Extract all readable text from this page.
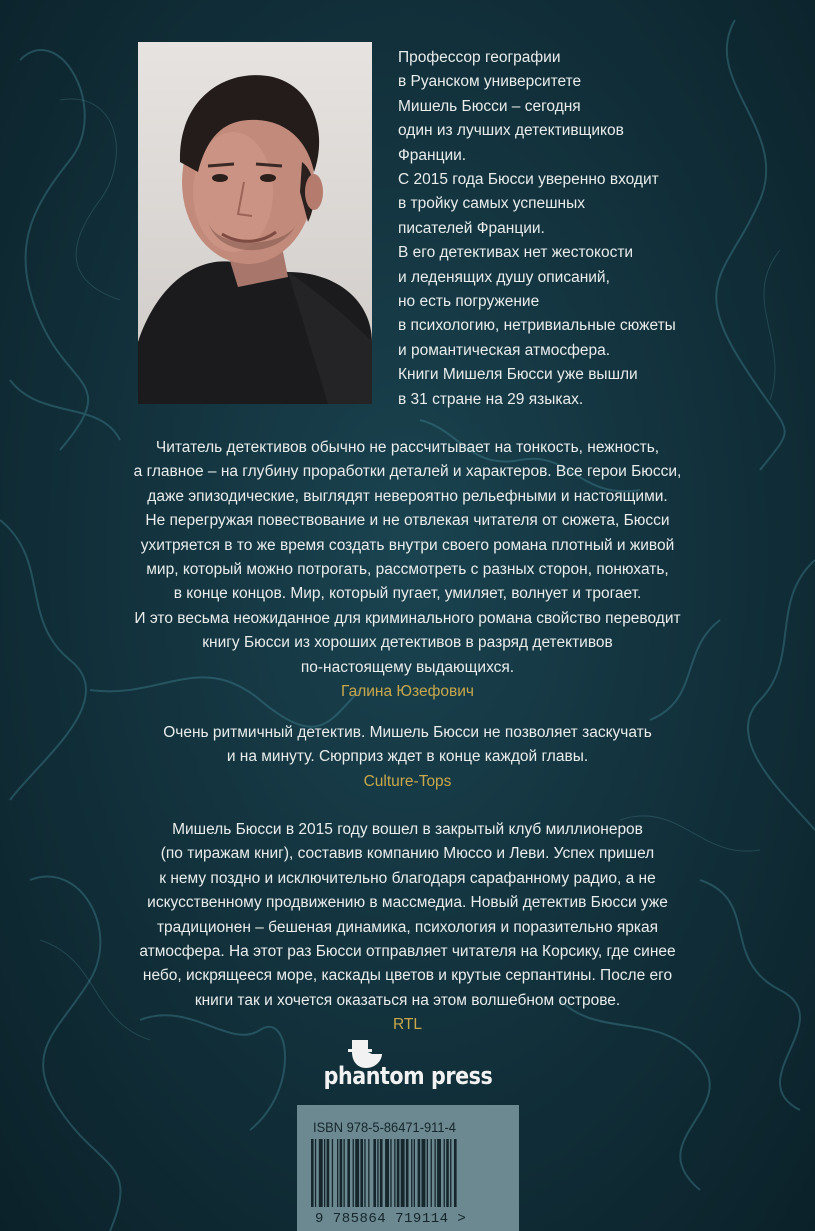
Профессор географии
в Руанском университете
Мишель Бюсси – сегодня
один из лучших детективщиков
Франции.
С 2015 года Бюсси уверенно входит
в тройку самых успешных
писателей Франции.
В его детективах нет жестокости
и леденящих душу описаний,
но есть погружение
в психологию, нетривиальные сюжеты
и романтическая атмосфера.
Книги Мишеля Бюсси уже вышли
в 31 стране на 29 языках.
Читатель детективов обычно не рассчитывает на тонкость, нежность,
а главное – на глубину проработки деталей и характеров. Все герои Бюсси,
даже эпизодические, выглядят невероятно рельефными и настоящими.
Не перегружая повествование и не отвлекая читателя от сюжета, Бюсси
ухитряется в то же время создать внутри своего романа плотный и живой
мир, который можно потрогать, рассмотреть с разных сторон, понюхать,
в конце концов. Мир, который пугает, умиляет, волнует и трогает.
И это весьма неожиданное для криминального романа свойство переводит
книгу Бюсси из хороших детективов в разряд детективов
по-настоящему выдающихся.
Галина Юзефович
Очень ритмичный детектив. Мишель Бюсси не позволяет заскучать
и на минуту. Сюрприз ждет в конце каждой главы.
Culture-Tops
Мишель Бюсси в 2015 году вошел в закрытый клуб миллионеров
(по тиражам книг), составив компанию Мюссо и Леви. Успех пришел
к нему поздно и исключительно благодаря сарафанному радио, а не
искусственному продвижению в массмедиа. Новый детектив Бюсси уже
традиционен – бешеная динамика, психология и поразительно яркая
атмосфера. На этот раз Бюсси отправляет читателя на Корсику, где синее
небо, искрящееся море, каскады цветов и крутые серпантины. После его
книги так и хочется оказаться на этом волшебном острове.
RTL
phantom press
ISBN 978-5-86471-911-4
9 785864 719114 >
